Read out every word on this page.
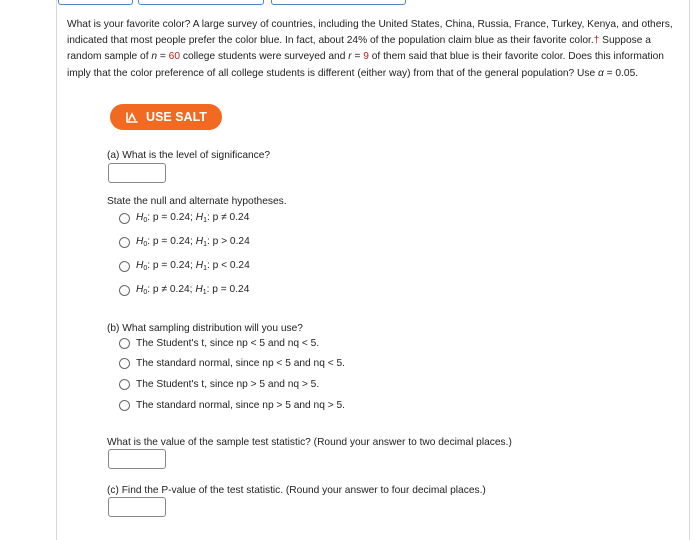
What is your favorite color? A large survey of countries, including the United States, China, Russia, France, Turkey, Kenya, and others, indicated that most people prefer the color blue. In fact, about 24% of the population claim blue as their favorite color.† Suppose a random sample of n = 60 college students were surveyed and r = 9 of them said that blue is their favorite color. Does this information imply that the color preference of all college students is different (either way) from that of the general population? Use α = 0.05.
USE SALT
(a) What is the level of significance?
State the null and alternate hypotheses.
$H_0$: p = 0.24; $H_1$: p ≠ 0.24
$H_0$: p = 0.24; $H_1$: p > 0.24
$H_0$: p = 0.24; $H_1$: p < 0.24
$H_0$: p ≠ 0.24; $H_1$: p = 0.24
(b) What sampling distribution will you use?
The Student's t, since np < 5 and nq < 5.
The standard normal, since np < 5 and nq < 5.
The Student's t, since np > 5 and nq > 5.
The standard normal, since np > 5 and nq > 5.
What is the value of the sample test statistic? (Round your answer to two decimal places.)
(c) Find the P-value of the test statistic. (Round your answer to four decimal places.)
